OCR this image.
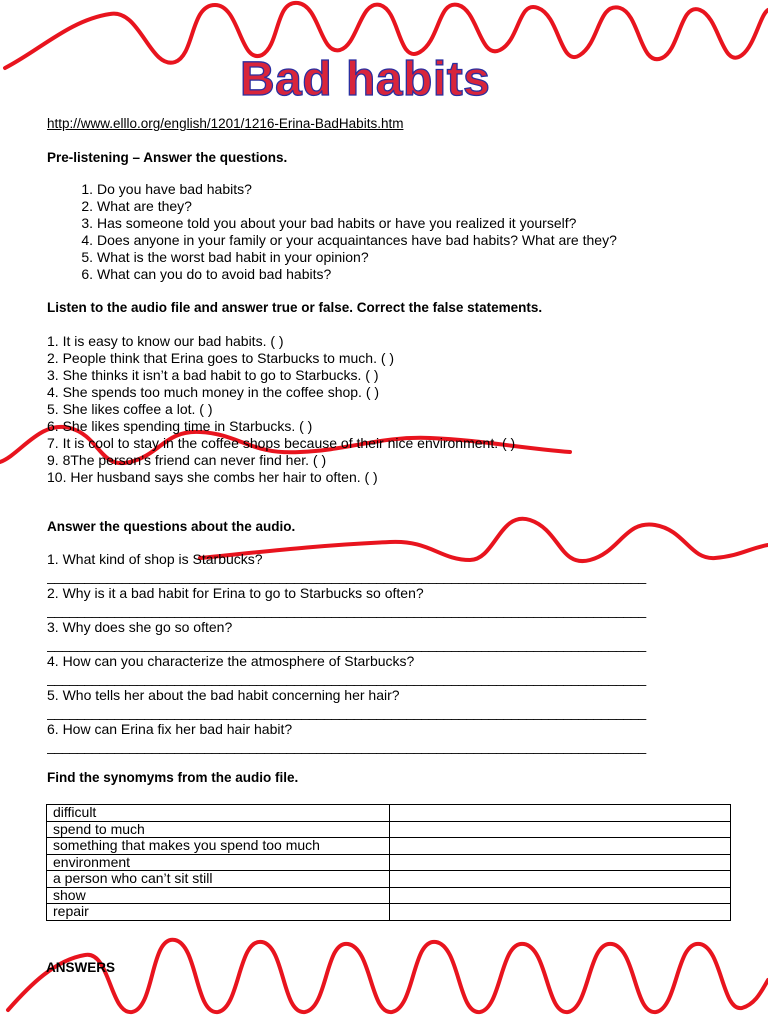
Bad habits
http://www.elllo.org/english/1201/1216-Erina-BadHabits.htm
Pre-listening – Answer the questions.
1. Do you have bad habits?
2. What are they?
3. Has someone told you about your bad habits or have you realized it yourself?
4. Does anyone in your family or your acquaintances have bad habits? What are they?
5. What is the worst bad habit in your opinion?
6. What can you do to avoid bad habits?
Listen to the audio file and answer true or false. Correct the false statements.
1. It is easy to know our bad habits. ( )
2. People think that Erina goes to Starbucks to much. ( )
3. She thinks it isn’t a bad habit to go to Starbucks. ( )
4. She spends too much money in the coffee shop. ( )
5. She likes coffee a lot. ( )
6. She likes spending time in Starbucks. ( )
7. It is cool to stay in the coffee shops because of their nice environment. ( )
9. 8The person’s friend can never find her. ( )
10. Her husband says she combs her hair to often. ( )
Answer the questions about the audio.
1. What kind of shop is Starbucks?
________________________________________________________________________________
2. Why is it a bad habit for Erina to go to Starbucks so often?
________________________________________________________________________________
3. Why does she go so often?
________________________________________________________________________________
4. How can you characterize the atmosphere of Starbucks?
________________________________________________________________________________
5. Who tells her about the bad habit concerning her hair?
________________________________________________________________________________
6. How can Erina fix her bad hair habit?
________________________________________________________________________________
Find the synomyms from the audio file.
difficult	
spend to much	
something that makes you spend too much	
environment	
a person who can’t sit still	
show	
repair	
ANSWERS
